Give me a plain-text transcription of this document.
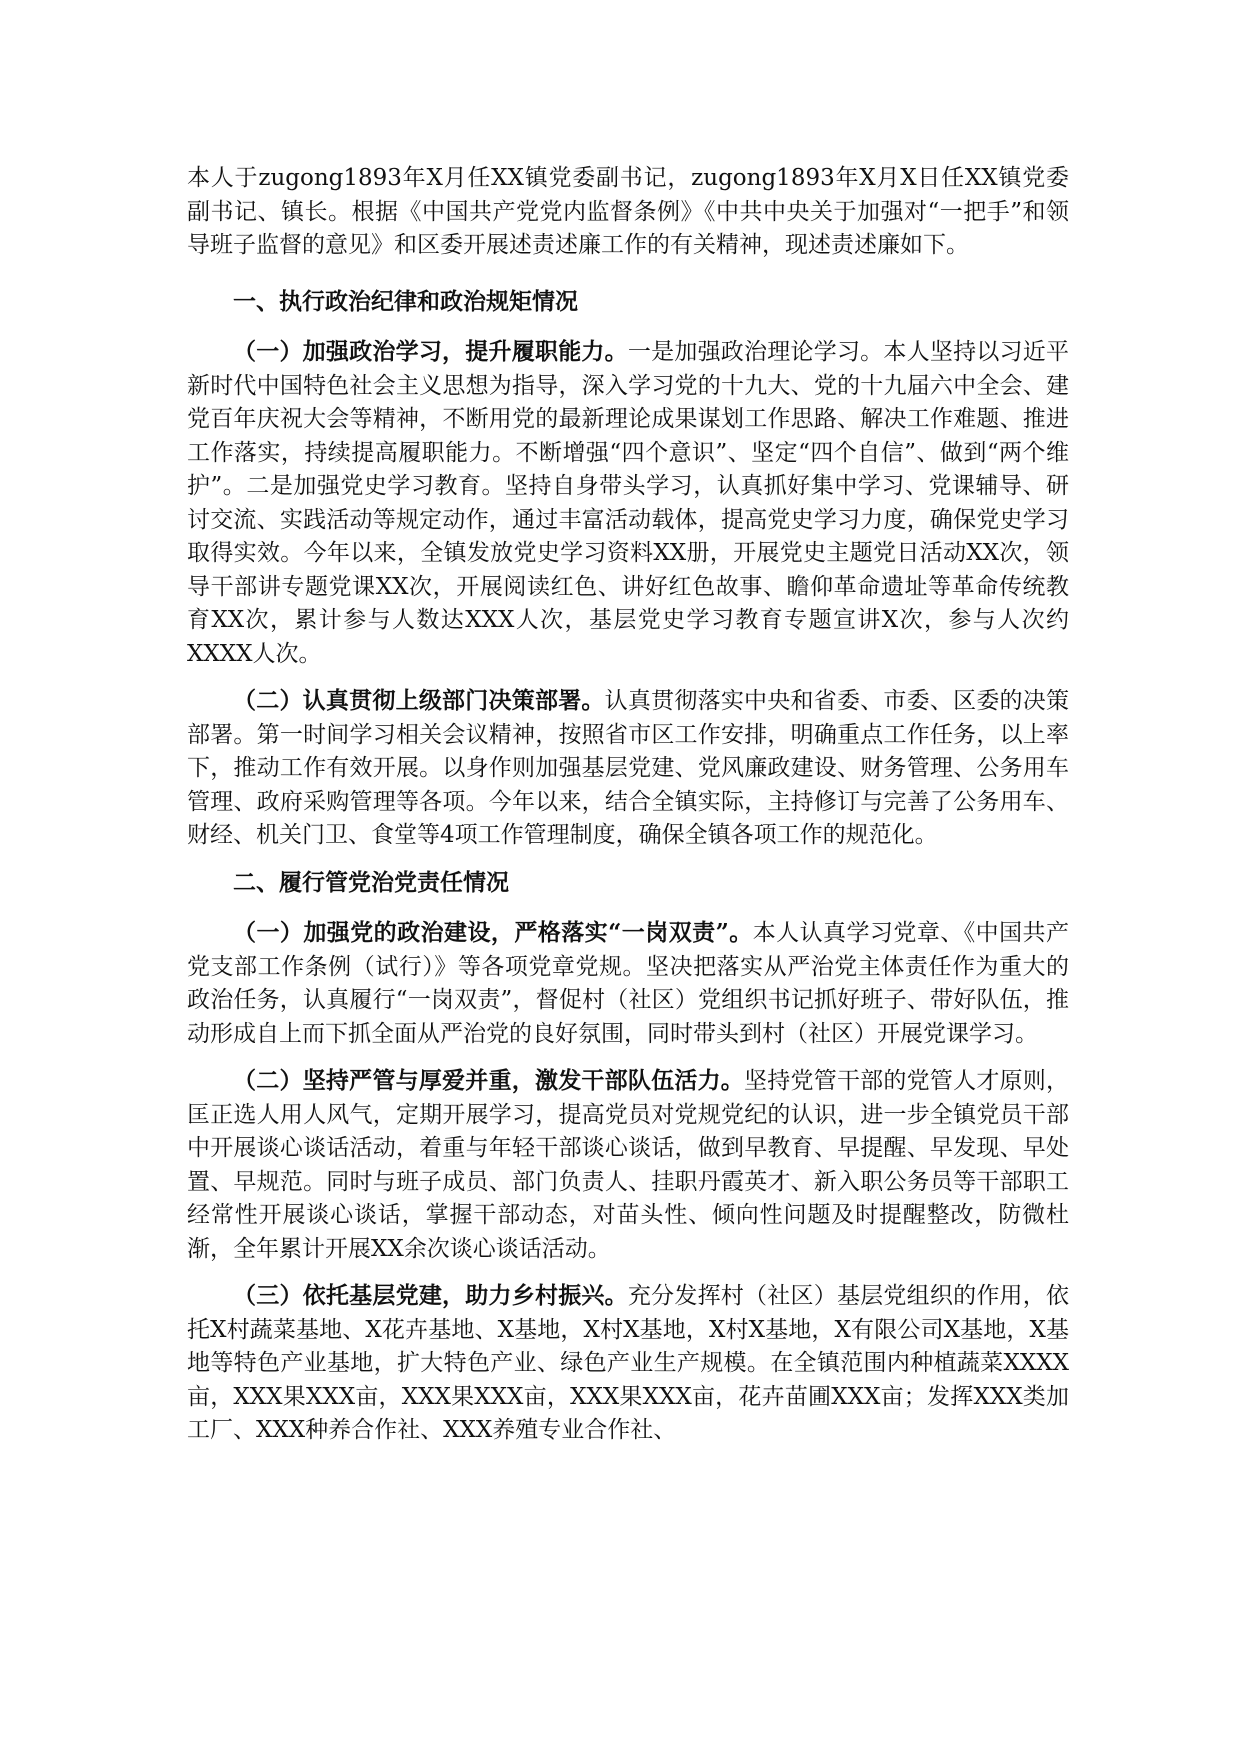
本人于zugong1893年X月任XX镇党委副书记，zugong1893年X月X日任XX镇党委副书记、镇长。根据《中国共产党党内监督条例》《中共中央关于加强对“一把手”和领导班子监督的意见》和区委开展述责述廉工作的有关精神，现述责述廉如下。

一、执行政治纪律和政治规矩情况

（一）加强政治学习，提升履职能力。一是加强政治理论学习。本人坚持以习近平新时代中国特色社会主义思想为指导，深入学习党的十九大、党的十九届六中全会、建党百年庆祝大会等精神，不断用党的最新理论成果谋划工作思路、解决工作难题、推进工作落实，持续提高履职能力。不断增强“四个意识”、坚定“四个自信”、做到“两个维护”。二是加强党史学习教育。坚持自身带头学习，认真抓好集中学习、党课辅导、研讨交流、实践活动等规定动作，通过丰富活动载体，提高党史学习力度，确保党史学习取得实效。今年以来，全镇发放党史学习资料XX册，开展党史主题党日活动XX次，领导干部讲专题党课XX次，开展阅读红色、讲好红色故事、瞻仰革命遗址等革命传统教育XX次，累计参与人数达XXX人次，基层党史学习教育专题宣讲X次，参与人次约XXXX人次。

（二）认真贯彻上级部门决策部署。认真贯彻落实中央和省委、市委、区委的决策部署。第一时间学习相关会议精神，按照省市区工作安排，明确重点工作任务，以上率下，推动工作有效开展。以身作则加强基层党建、党风廉政建设、财务管理、公务用车管理、政府采购管理等各项。今年以来，结合全镇实际，主持修订与完善了公务用车、财经、机关门卫、食堂等4项工作管理制度，确保全镇各项工作的规范化。

二、履行管党治党责任情况

（一）加强党的政治建设，严格落实“一岗双责”。本人认真学习党章、《中国共产党支部工作条例（试行）》等各项党章党规。坚决把落实从严治党主体责任作为重大的政治任务，认真履行“一岗双责”，督促村（社区）党组织书记抓好班子、带好队伍，推动形成自上而下抓全面从严治党的良好氛围，同时带头到村（社区）开展党课学习。

（二）坚持严管与厚爱并重，激发干部队伍活力。坚持党管干部的党管人才原则，匡正选人用人风气，定期开展学习，提高党员对党规党纪的认识，进一步全镇党员干部中开展谈心谈话活动，着重与年轻干部谈心谈话，做到早教育、早提醒、早发现、早处置、早规范。同时与班子成员、部门负责人、挂职丹霞英才、新入职公务员等干部职工经常性开展谈心谈话，掌握干部动态，对苗头性、倾向性问题及时提醒整改，防微杜渐，全年累计开展XX余次谈心谈话活动。

（三）依托基层党建，助力乡村振兴。充分发挥村（社区）基层党组织的作用，依托X村蔬菜基地、X花卉基地、X基地，X村X基地，X村X基地，X有限公司X基地，X基地等特色产业基地，扩大特色产业、绿色产业生产规模。在全镇范围内种植蔬菜XXXX亩，XXX果XXX亩，XXX果XXX亩，XXX果XXX亩，花卉苗圃XXX亩；发挥XXX类加工厂、XXX种养合作社、XXX养殖专业合作社、
